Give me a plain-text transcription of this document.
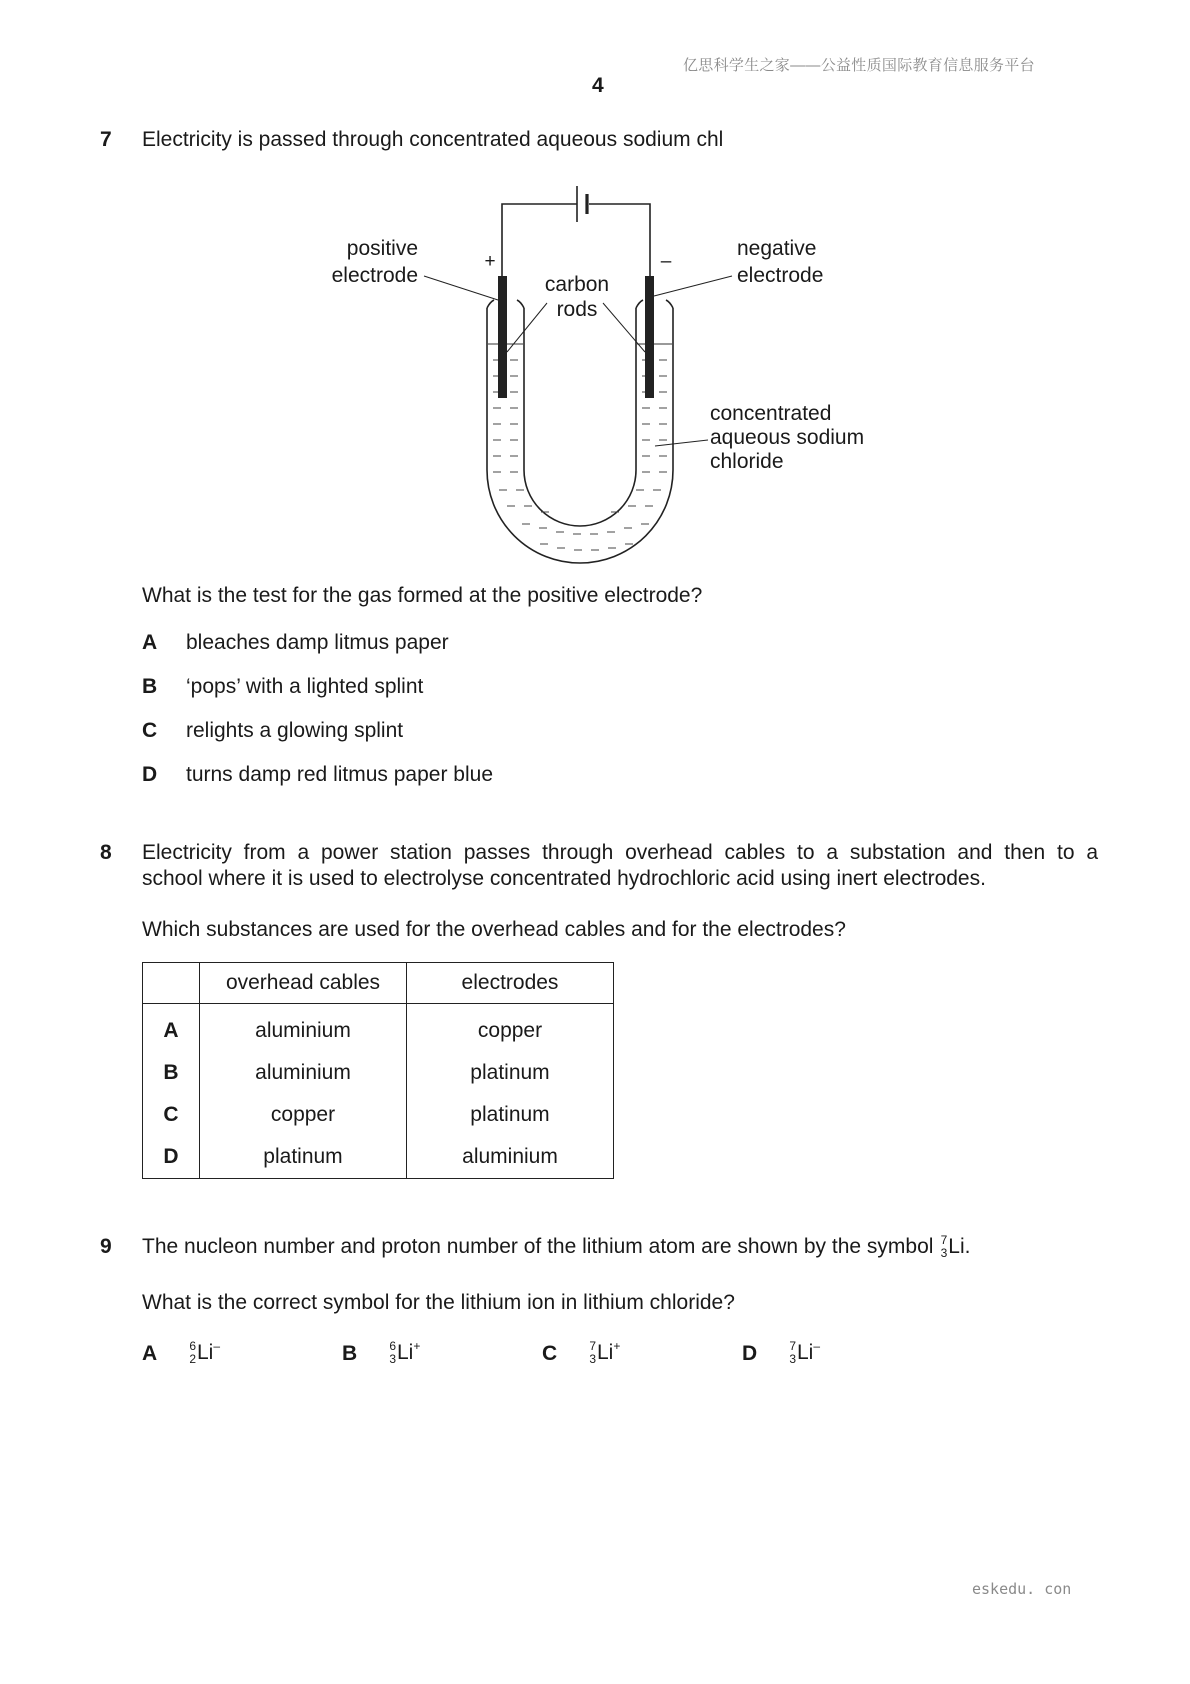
亿思科学生之家——公益性质国际教育信息服务平台
4
7 Electricity is passed through concentrated aqueous sodium chl
positive
electrode
+	–
carbon
rods
negative
electrode
concentrated
aqueous sodium
chloride
What is the test for the gas formed at the positive electrode?
A bleaches damp litmus paper
B ‘pops’ with a lighted splint
C relights a glowing splint
D turns damp red litmus paper blue
8 Electricity from a power station passes through overhead cables to a substation and then to a
school where it is used to electrolyse concentrated hydrochloric acid using inert electrodes.
Which substances are used for the overhead cables and for the electrodes?
	overhead cables	electrodes
A	aluminium	copper
B	aluminium	platinum
C	copper	platinum
D	platinum	aluminium
9 The nucleon number and proton number of the lithium atom are shown by the symbol 7
3 Li.
What is the correct symbol for the lithium ion in lithium chloride?
A	6
2 Li–	B	6
3 Li+	C	7
3 Li+	D	7
3 Li–
eskedu. con
